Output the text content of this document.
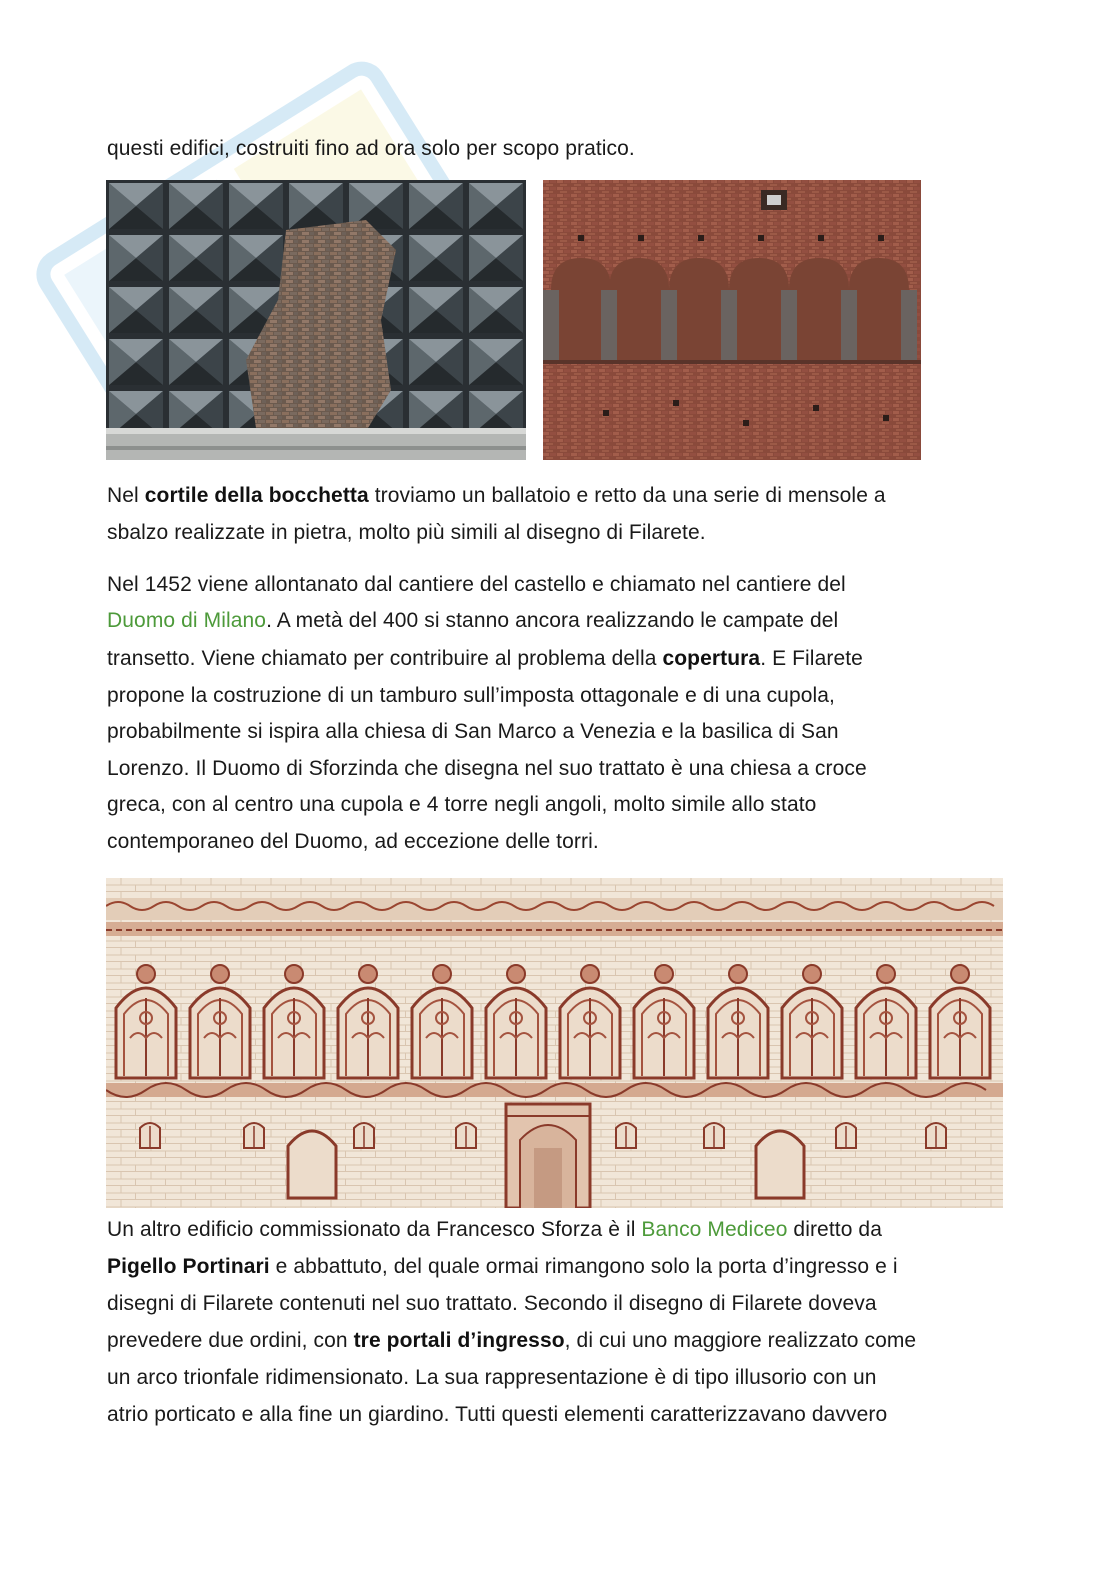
questi edifici, costruiti fino ad ora solo per scopo pratico.
Nel cortile della bocchetta troviamo un ballatoio e retto da una serie di mensole a
sbalzo realizzate in pietra, molto più simili al disegno di Filarete.
Nel 1452 viene allontanato dal cantiere del castello e chiamato nel cantiere del
Duomo di Milano. A metà del 400 si stanno ancora realizzando le campate del
transetto. Viene chiamato per contribuire al problema della copertura. E Filarete
propone la costruzione di un tamburo sull’imposta ottagonale e di una cupola,
probabilmente si ispira alla chiesa di San Marco a Venezia e la basilica di San
Lorenzo. Il Duomo di Sforzinda che disegna nel suo trattato è una chiesa a croce
greca, con al centro una cupola e 4 torre negli angoli, molto simile allo stato
contemporaneo del Duomo, ad eccezione delle torri.
Un altro edificio commissionato da Francesco Sforza è il Banco Mediceo diretto da
Pigello Portinari e abbattuto, del quale ormai rimangono solo la porta d’ingresso e i
disegni di Filarete contenuti nel suo trattato. Secondo il disegno di Filarete doveva
prevedere due ordini, con tre portali d’ingresso, di cui uno maggiore realizzato come
un arco trionfale ridimensionato. La sua rappresentazione è di tipo illusorio con un
atrio porticato e alla fine un giardino. Tutti questi elementi caratterizzavano davvero
